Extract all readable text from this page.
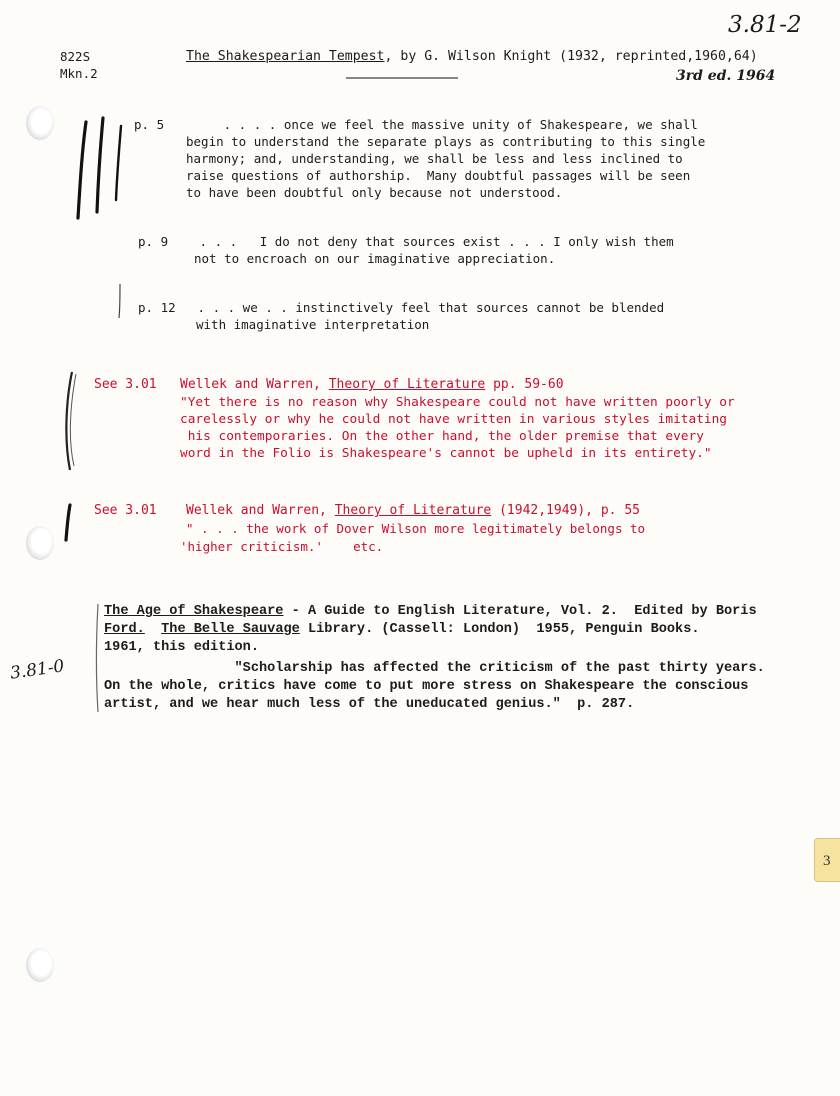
822S
Mkn.2
The Shakespearian Tempest, by G. Wilson Knight (1932, reprinted,1960,64)
3.81-2
3rd ed. 1964
p. 5 . . . . once we feel the massive unity of Shakespeare, we shall
begin to understand the separate plays as contributing to this single
harmony; and, understanding, we shall be less and less inclined to
raise questions of authorship.  Many doubtful passages will be seen
to have been doubtful only because not understood.
p. 9 . . .   I do not deny that sources exist . . . I only wish them
not to encroach on our imaginative appreciation.
p. 12 . . . we . . instinctively feel that sources cannot be blended
with imaginative interpretation
See 3.01 Wellek and Warren, Theory of Literature pp. 59-60
"Yet there is no reason why Shakespeare could not have written poorly or
carelessly or why he could not have written in various styles imitating
his contemporaries. On the other hand, the older premise that every
word in the Folio is Shakespeare's cannot be upheld in its entirety."
See 3.01 Wellek and Warren, Theory of Literature (1942,1949), p. 55
" . . . the work of Dover Wilson more legitimately belongs to
'higher criticism.'    etc.
The Age of Shakespeare - A Guide to English Literature, Vol. 2.  Edited by Boris
Ford. The Belle Sauvage Library. (Cassell: London)  1955, Penguin Books.
1961, this edition.
"Scholarship has affected the criticism of the past thirty years.
On the whole, critics have come to put more stress on Shakespeare the conscious
artist, and we hear much less of the uneducated genius."  p. 287.
3.81-0
3
